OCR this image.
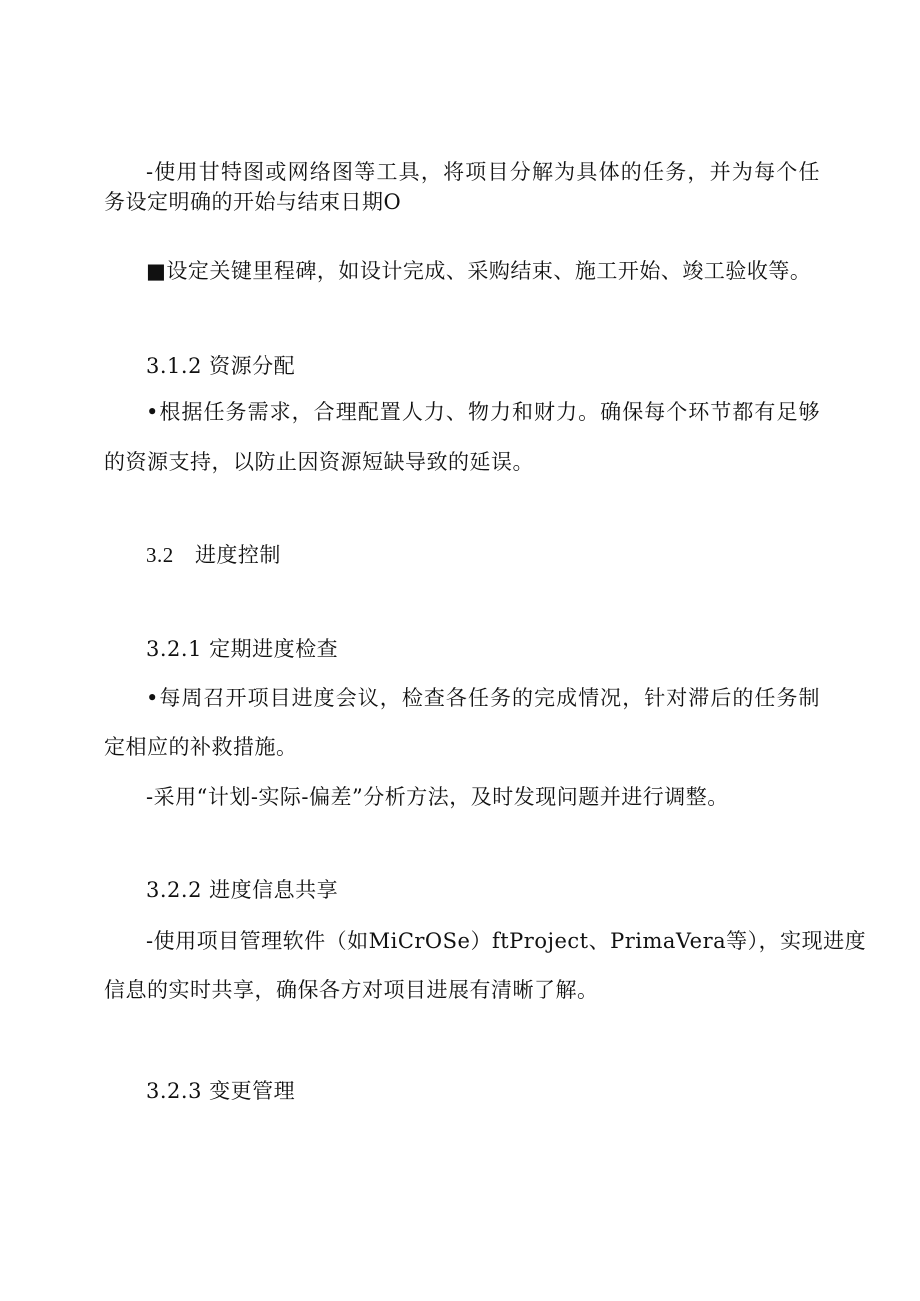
-使用甘特图或网络图等工具，将项目分解为具体的任务，并为每个任
务设定明确的开始与结束日期O
■设定关键里程碑，如设计完成、采购结束、施工开始、竣工验收等。
3.1.2 资源分配
•根据任务需求，合理配置人力、物力和财力。确保每个环节都有足够
的资源支持，以防止因资源短缺导致的延误。
3.2 进度控制
3.2.1 定期进度检查
•每周召开项目进度会议，检查各任务的完成情况，针对滞后的任务制
定相应的补救措施。
-采用“计划-实际-偏差”分析方法，及时发现问题并进行调整。
3.2.2 进度信息共享
-使用项目管理软件（如MiCrOSe）ftProject、PrimaVera等），实现进度
信息的实时共享，确保各方对项目进展有清晰了解。
3.2.3 变更管理
